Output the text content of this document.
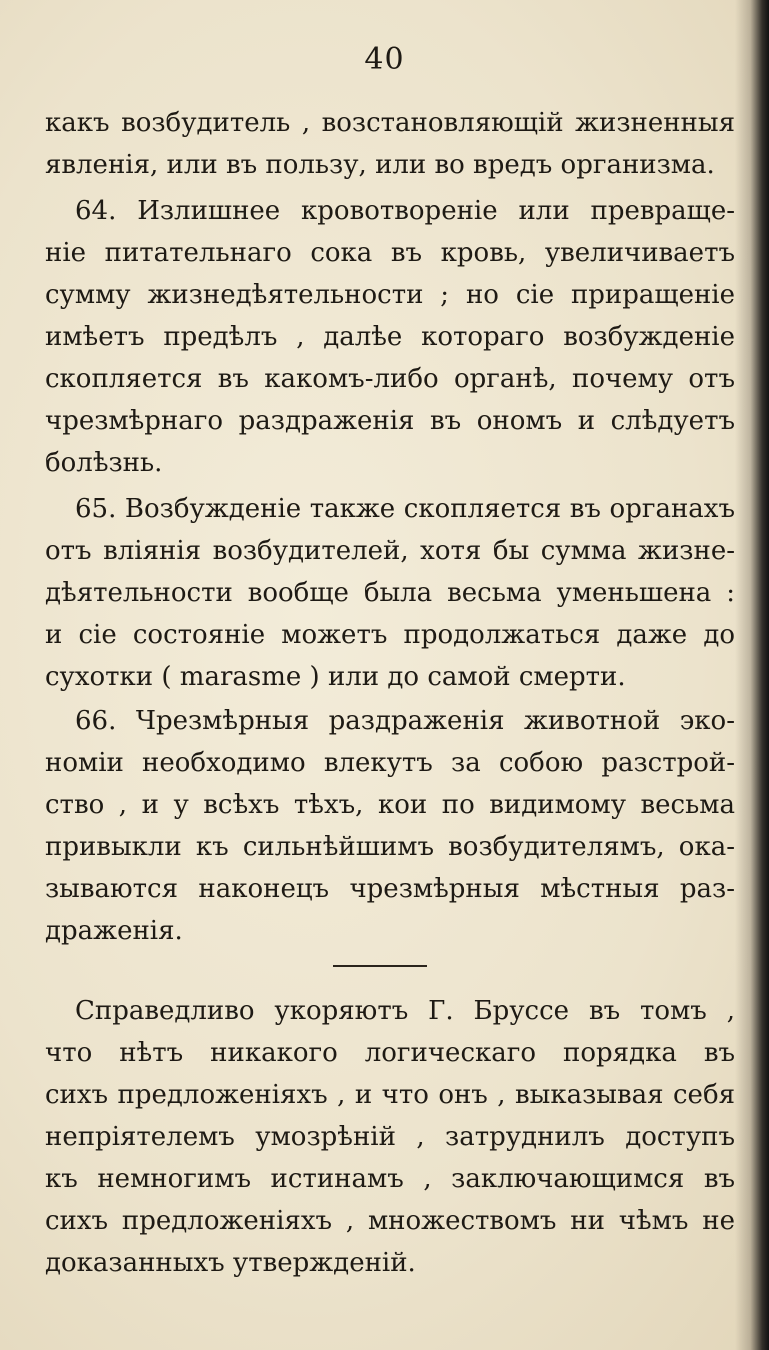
40
какъ возбудитель , возстановляющій жизненныя
явленія, или въ пользу, или во вредъ организма.
64. Излишнее кровотвореніе или превраще-
ніе питательнаго сока въ кровь, увеличиваетъ
сумму жизнедѣятельности ; но сіе приращеніе
имѣетъ предѣлъ , далѣе котораго возбужденіе
скопляется въ какомъ-либо органѣ, почему отъ
чрезмѣрнаго раздраженія въ ономъ и слѣдуетъ
болѣзнь.
65. Возбужденіе также скопляется въ органахъ
отъ вліянія возбудителей, хотя бы сумма жизне-
дѣятельности вообще была весьма уменьшена :
и сіе состояніе можетъ продолжаться даже до
сухотки ( marasme ) или до самой смерти.
66. Чрезмѣрныя раздраженія животной эко-
номіи необходимо влекутъ за собою разстрой-
ство , и у всѣхъ тѣхъ, кои по видимому весьма
привыкли къ сильнѣйшимъ возбудителямъ, ока-
зываются наконецъ чрезмѣрныя мѣстныя раз-
драженія.
Справедливо укоряютъ Г. Бруссе въ томъ ,
что нѣтъ никакого логическаго порядка въ
сихъ предложеніяхъ , и что онъ , выказывая себя
непріятелемъ умозрѣній , затруднилъ доступъ
къ немногимъ истинамъ , заключающимся въ
сихъ предложеніяхъ , множествомъ ни чѣмъ не
доказанныхъ утвержденій.
